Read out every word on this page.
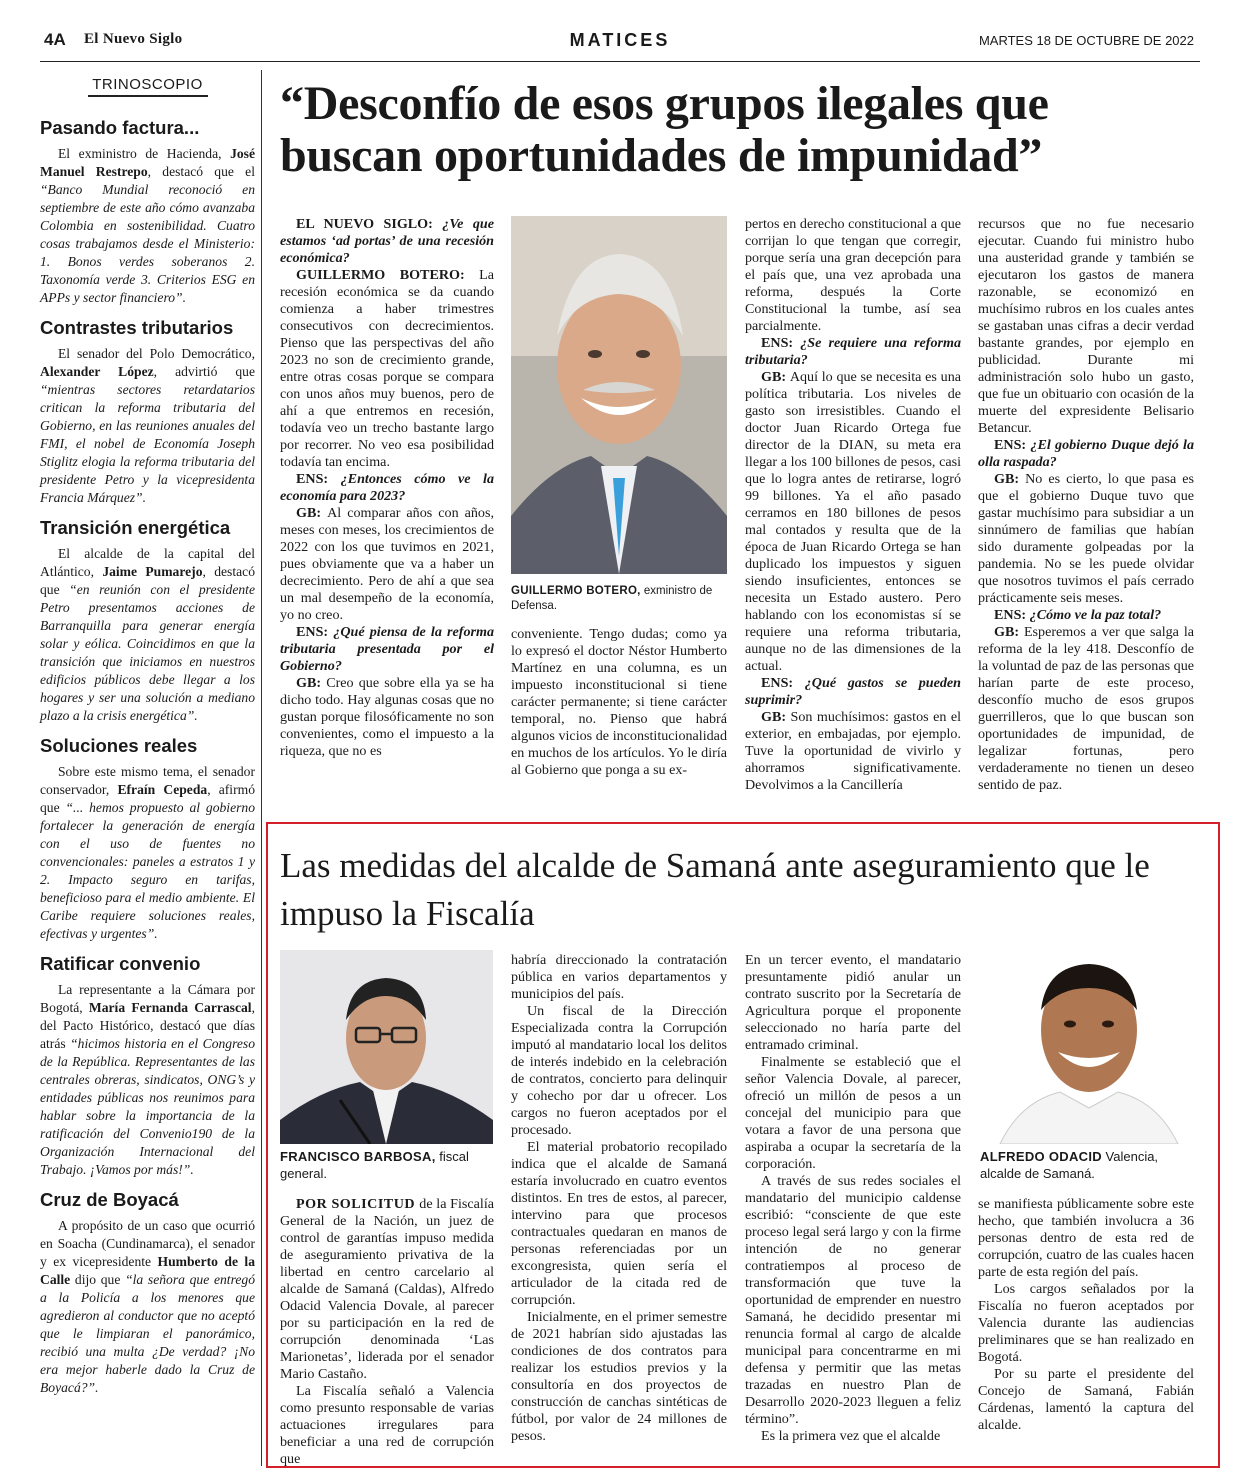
4A El Nuevo Siglo	MATICES	MARTES 18 DE OCTUBRE DE 2022
TRINOSCOPIO
Pasando factura...

El exministro de Hacienda, José Manuel Restrepo, destacó que el “Banco Mundial reconoció en septiembre de este año cómo avanzaba Colombia en sostenibilidad. Cuatro cosas trabajamos desde el Ministerio: 1. Bonos verdes soberanos 2. Taxonomía verde 3. Criterios ESG en APPs y sector financiero”.

Contrastes tributarios

El senador del Polo Democrático, Alexander López, advirtió que “mientras sectores retardatarios critican la reforma tributaria del Gobierno, en las reuniones anuales del FMI, el nobel de Economía Joseph Stiglitz elogia la reforma tributaria del presidente Petro y la vicepresidenta Francia Márquez”.

Transición energética

El alcalde de la capital del Atlántico, Jaime Pumarejo, destacó que “en reunión con el presidente Petro presentamos acciones de Barranquilla para generar energía solar y eólica. Coincidimos en que la transición que iniciamos en nuestros edificios públicos debe llegar a los hogares y ser una solución a mediano plazo a la crisis energética”.

Soluciones reales

Sobre este mismo tema, el senador conservador, Efraín Cepeda, afirmó que “... hemos propuesto al gobierno fortalecer la generación de energía con el uso de fuentes no convencionales: paneles a estratos 1 y 2. Impacto seguro en tarifas, beneficioso para el medio ambiente. El Caribe requiere soluciones reales, efectivas y urgentes”.

Ratificar convenio

La representante a la Cámara por Bogotá, María Fernanda Carrascal, del Pacto Histórico, destacó que días atrás “hicimos historia en el Congreso de la República. Representantes de las centrales obreras, sindicatos, ONG’s y entidades públicas nos reunimos para hablar sobre la importancia de la ratificación del Convenio190 de la Organización Internacional del Trabajo. ¡Vamos por más!”.

Cruz de Boyacá

A propósito de un caso que ocurrió en Soacha (Cundinamarca), el senador y ex vicepresidente Humberto de la Calle dijo que “la señora que entregó a la Policía a los menores que agredieron al conductor que no aceptó que le limpiaran el panorámico, recibió una multa ¿De verdad? ¡No era mejor haberle dado la Cruz de Boyacá?”.

“Desconfío de esos grupos ilegales que buscan oportunidades de impunidad”

EL NUEVO SIGLO: ¿Ve que estamos ‘ad portas’ de una recesión económica?

GUILLERMO BOTERO: La recesión económica se da cuando comienza a haber trimestres consecutivos con decrecimientos. Pienso que las perspectivas del año 2023 no son de crecimiento grande, entre otras cosas porque se compara con unos años muy buenos, pero de ahí a que entremos en recesión, todavía veo un trecho bastante largo por recorrer. No veo esa posibilidad todavía tan encima.

ENS: ¿Entonces cómo ve la economía para 2023?

GB: Al comparar años con años, meses con meses, los crecimientos de 2022 con los que tuvimos en 2021, pues obviamente que va a haber un decrecimiento. Pero de ahí a que sea un mal desempeño de la economía, yo no creo.

ENS: ¿Qué piensa de la reforma tributaria presentada por el Gobierno?

GB: Creo que sobre ella ya se ha dicho todo. Hay algunas cosas que no gustan porque filosóficamente no son convenientes, como el impuesto a la riqueza, que no es

GUILLERMO BOTERO, exministro de Defensa.

conveniente. Tengo dudas; como ya lo expresó el doctor Néstor Humberto Martínez en una columna, es un impuesto inconstitucional si tiene carácter permanente; si tiene carácter temporal, no. Pienso que habrá algunos vicios de inconstitucionalidad en muchos de los artículos. Yo le diría al Gobierno que ponga a su ex-

pertos en derecho constitucional a que corrijan lo que tengan que corregir, porque sería una gran decepción para el país que, una vez aprobada una reforma, después la Corte Constitucional la tumbe, así sea parcialmente.

ENS: ¿Se requiere una reforma tributaria?

GB: Aquí lo que se necesita es una política tributaria. Los niveles de gasto son irresistibles. Cuando el doctor Juan Ricardo Ortega fue director de la DIAN, su meta era llegar a los 100 billones de pesos, casi que lo logra antes de retirarse, logró 99 billones. Ya el año pasado cerramos en 180 billones de pesos mal contados y resulta que de la época de Juan Ricardo Ortega se han duplicado los impuestos y siguen siendo insuficientes, entonces se necesita un Estado austero. Pero hablando con los economistas sí se requiere una reforma tributaria, aunque no de las dimensiones de la actual.

ENS: ¿Qué gastos se pueden suprimir?

GB: Son muchísimos: gastos en el exterior, en embajadas, por ejemplo. Tuve la oportunidad de vivirlo y ahorramos significativamente. Devolvimos a la Cancillería

recursos que no fue necesario ejecutar. Cuando fui ministro hubo una austeridad grande y también se ejecutaron los gastos de manera razonable, se economizó en muchísimo rubros en los cuales antes se gastaban unas cifras a decir verdad bastante grandes, por ejemplo en publicidad. Durante mi administración solo hubo un gasto, que fue un obituario con ocasión de la muerte del expresidente Belisario Betancur.

ENS: ¿El gobierno Duque dejó la olla raspada?

GB: No es cierto, lo que pasa es que el gobierno Duque tuvo que gastar muchísimo para subsidiar a un sinnúmero de familias que habían sido duramente golpeadas por la pandemia. No se les puede olvidar que nosotros tuvimos el país cerrado prácticamente seis meses.

ENS: ¿Cómo ve la paz total?

GB: Esperemos a ver que salga la reforma de la ley 418. Desconfío de la voluntad de paz de las personas que harían parte de este proceso, desconfío mucho de esos grupos guerrilleros, que lo que buscan son oportunidades de impunidad, de legalizar fortunas, pero verdaderamente no tienen un deseo sentido de paz.

Las medidas del alcalde de Samaná ante aseguramiento que le impuso la Fiscalía
FRANCISCO BARBOSA, fiscal general.
ALFREDO ODACID Valencia, alcalde de Samaná.

POR SOLICITUD de la Fiscalía General de la Nación, un juez de control de garantías impuso medida de aseguramiento privativa de la libertad en centro carcelario al alcalde de Samaná (Caldas), Alfredo Odacid Valencia Dovale, al parecer por su participación en la red de corrupción denominada ‘Las Marionetas’, liderada por el senador Mario Castaño.

La Fiscalía señaló a Valencia como presunto responsable de varias actuaciones irregulares para beneficiar a una red de corrupción que

habría direccionado la contratación pública en varios departamentos y municipios del país.

Un fiscal de la Dirección Especializada contra la Corrupción imputó al mandatario local los delitos de interés indebido en la celebración de contratos, concierto para delinquir y cohecho por dar u ofrecer. Los cargos no fueron aceptados por el procesado.

El material probatorio recopilado indica que el alcalde de Samaná estaría involucrado en cuatro eventos distintos. En tres de estos, al parecer, intervino para que procesos contractuales quedaran en manos de personas referenciadas por un excongresista, quien sería el articulador de la citada red de corrupción.

Inicialmente, en el primer semestre de 2021 habrían sido ajustadas las condiciones de dos contratos para realizar los estudios previos y la consultoría en dos proyectos de construcción de canchas sintéticas de fútbol, por valor de 24 millones de pesos.

En un tercer evento, el mandatario presuntamente pidió anular un contrato suscrito por la Secretaría de Agricultura porque el proponente seleccionado no haría parte del entramado criminal.

Finalmente se estableció que el señor Valencia Dovale, al parecer, ofreció un millón de pesos a un concejal del municipio para que votara a favor de una persona que aspiraba a ocupar la secretaría de la corporación.

A través de sus redes sociales el mandatario del municipio caldense escribió: “consciente de que este proceso legal será largo y con la firme intención de no generar contratiempos al proceso de transformación que tuve la oportunidad de emprender en nuestro Samaná, he decidido presentar mi renuncia formal al cargo de alcalde municipal para concentrarme en mi defensa y permitir que las metas trazadas en nuestro Plan de Desarrollo 2020-2023 lleguen a feliz término”.

Es la primera vez que el alcalde

se manifiesta públicamente sobre este hecho, que también involucra a 36 personas dentro de esta red de corrupción, cuatro de las cuales hacen parte de esta región del país.

Los cargos señalados por la Fiscalía no fueron aceptados por Valencia durante las audiencias preliminares que se han realizado en Bogotá.

Por su parte el presidente del Concejo de Samaná, Fabián Cárdenas, lamentó la captura del alcalde.
